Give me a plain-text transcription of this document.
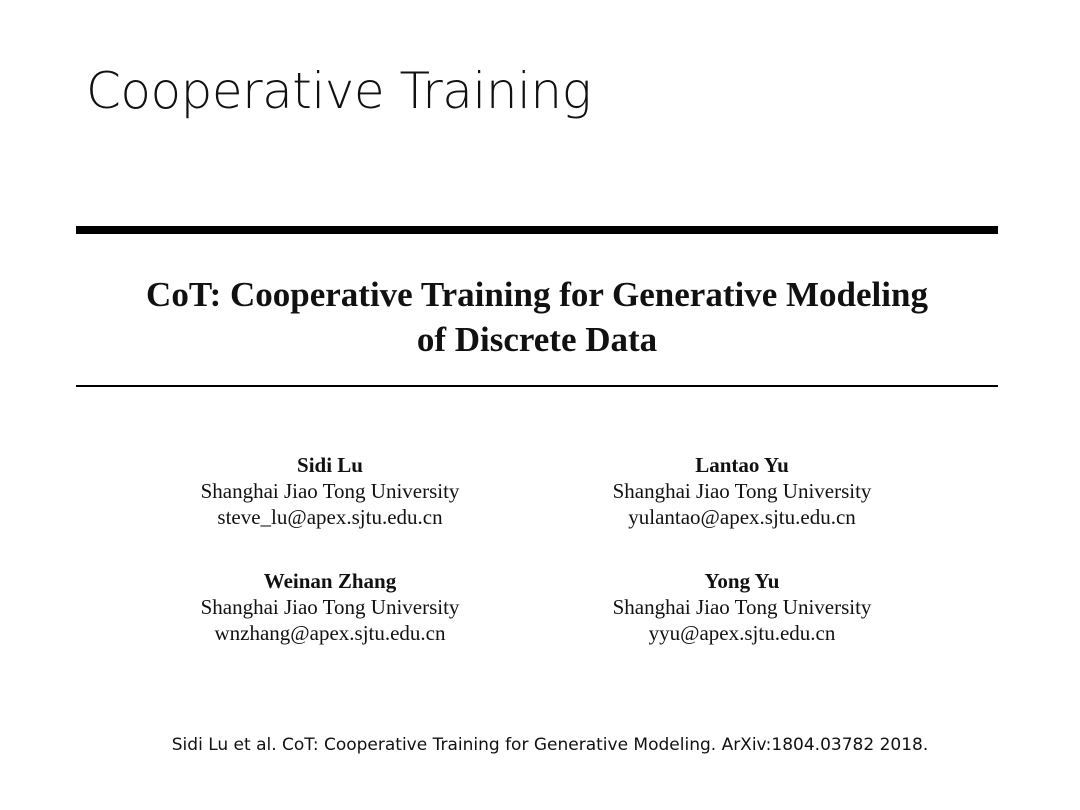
Cooperative Training
CoT: Cooperative Training for Generative Modeling
of Discrete Data
Sidi Lu
Shanghai Jiao Tong University
steve_lu@apex.sjtu.edu.cn
Lantao Yu
Shanghai Jiao Tong University
yulantao@apex.sjtu.edu.cn
Weinan Zhang
Shanghai Jiao Tong University
wnzhang@apex.sjtu.edu.cn
Yong Yu
Shanghai Jiao Tong University
yyu@apex.sjtu.edu.cn
Sidi Lu et al. CoT: Cooperative Training for Generative Modeling. ArXiv:1804.03782 2018.
